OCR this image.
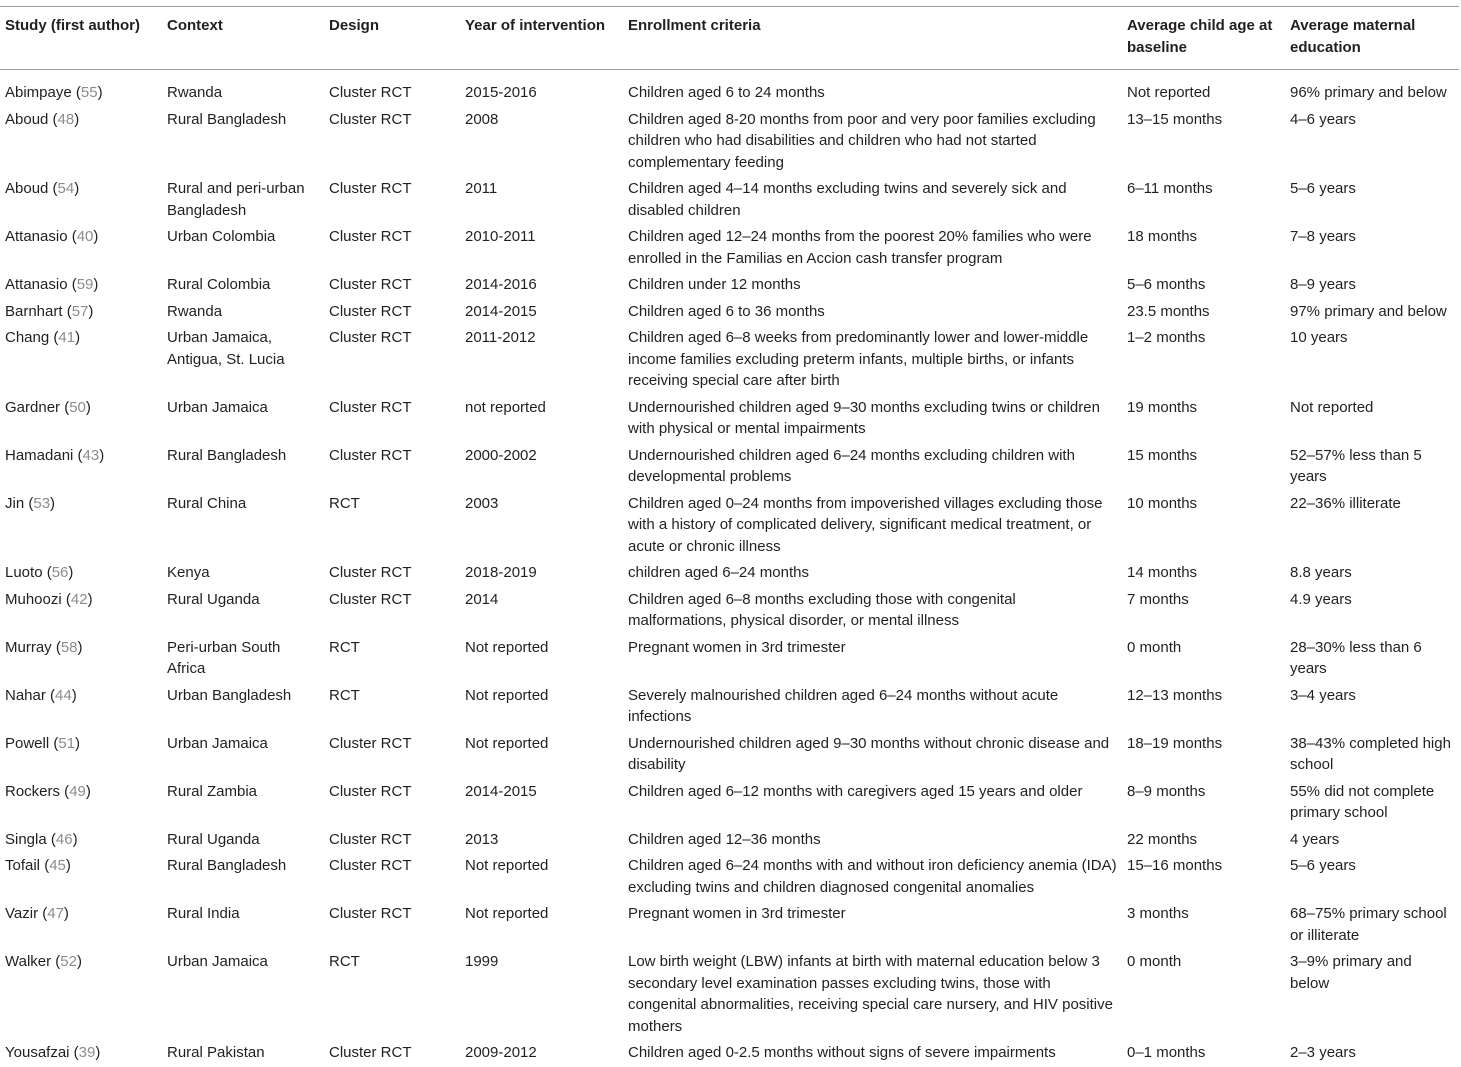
Study (first author)	Context	Design	Year of intervention	Enrollment criteria	Average child age at baseline	Average maternal education
Abimpaye (55)	Rwanda	Cluster RCT	2015-2016	Children aged 6 to 24 months	Not reported	96% primary and below
Aboud (48)	Rural Bangladesh	Cluster RCT	2008	Children aged 8-20 months from poor and very poor families excluding children who had disabilities and children who had not started complementary feeding	13–15 months	4–6 years
Aboud (54)	Rural and peri-urban Bangladesh	Cluster RCT	2011	Children aged 4–14 months excluding twins and severely sick and disabled children	6–11 months	5–6 years
Attanasio (40)	Urban Colombia	Cluster RCT	2010-2011	Children aged 12–24 months from the poorest 20% families who were enrolled in the Familias en Accion cash transfer program	18 months	7–8 years
Attanasio (59)	Rural Colombia	Cluster RCT	2014-2016	Children under 12 months	5–6 months	8–9 years
Barnhart (57)	Rwanda	Cluster RCT	2014-2015	Children aged 6 to 36 months	23.5 months	97% primary and below
Chang (41)	Urban Jamaica, Antigua, St. Lucia	Cluster RCT	2011-2012	Children aged 6–8 weeks from predominantly lower and lower-middle income families excluding preterm infants, multiple births, or infants receiving special care after birth	1–2 months	10 years
Gardner (50)	Urban Jamaica	Cluster RCT	not reported	Undernourished children aged 9–30 months excluding twins or children with physical or mental impairments	19 months	Not reported
Hamadani (43)	Rural Bangladesh	Cluster RCT	2000-2002	Undernourished children aged 6–24 months excluding children with developmental problems	15 months	52–57% less than 5 years
Jin (53)	Rural China	RCT	2003	Children aged 0–24 months from impoverished villages excluding those with a history of complicated delivery, significant medical treatment, or acute or chronic illness	10 months	22–36% illiterate
Luoto (56)	Kenya	Cluster RCT	2018-2019	children aged 6–24 months	14 months	8.8 years
Muhoozi (42)	Rural Uganda	Cluster RCT	2014	Children aged 6–8 months excluding those with congenital malformations, physical disorder, or mental illness	7 months	4.9 years
Murray (58)	Peri-urban South Africa	RCT	Not reported	Pregnant women in 3rd trimester	0 month	28–30% less than 6 years
Nahar (44)	Urban Bangladesh	RCT	Not reported	Severely malnourished children aged 6–24 months without acute infections	12–13 months	3–4 years
Powell (51)	Urban Jamaica	Cluster RCT	Not reported	Undernourished children aged 9–30 months without chronic disease and disability	18–19 months	38–43% completed high school
Rockers (49)	Rural Zambia	Cluster RCT	2014-2015	Children aged 6–12 months with caregivers aged 15 years and older	8–9 months	55% did not complete primary school
Singla (46)	Rural Uganda	Cluster RCT	2013	Children aged 12–36 months	22 months	4 years
Tofail (45)	Rural Bangladesh	Cluster RCT	Not reported	Children aged 6–24 months with and without iron deficiency anemia (IDA) excluding twins and children diagnosed congenital anomalies	15–16 months	5–6 years
Vazir (47)	Rural India	Cluster RCT	Not reported	Pregnant women in 3rd trimester	3 months	68–75% primary school or illiterate
Walker (52)	Urban Jamaica	RCT	1999	Low birth weight (LBW) infants at birth with maternal education below 3 secondary level examination passes excluding twins, those with congenital abnormalities, receiving special care nursery, and HIV positive mothers	0 month	3–9% primary and below
Yousafzai (39)	Rural Pakistan	Cluster RCT	2009-2012	Children aged 0-2.5 months without signs of severe impairments	0–1 months	2–3 years
